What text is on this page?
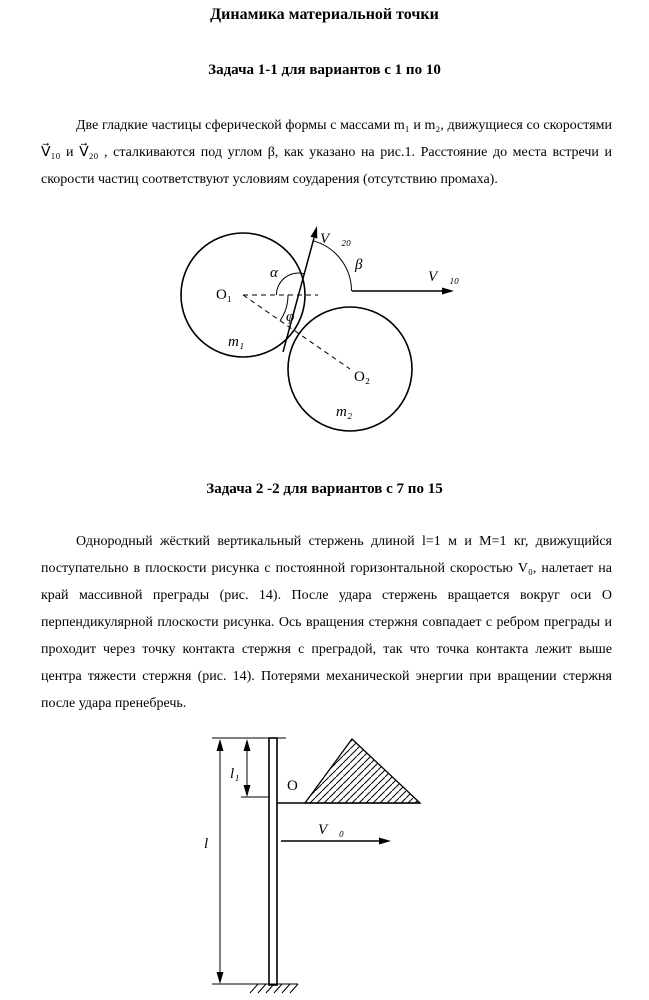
Динамика материальной точки
Задача 1-1 для вариантов с 1 по 10

Две гладкие частицы сферической формы с массами m₁ и m₂, движущиеся со скоростями V⃗₁₀ и V⃗₂₀ , сталкиваются под углом β, как указано на рис.1. Расстояние до места встречи и скорости частиц соответствуют условиям соударения (отсутствию промаха).

V⃗₂₀
V⃗₁₀
O₁
O₂
m₁
m₂
α	β
φ
Задача 2 -2 для вариантов с 7 по 15

Однородный жёсткий вертикальный стержень длиной l=1 м и M=1 кг, движущийся поступательно в плоскости рисунка с постоянной горизонтальной скоростью V₀, налетает на край массивной преграды (рис. 14). После удара стержень вращается вокруг оси О перпендикулярной плоскости рисунка. Ось вращения стержня совпадает с ребром преграды и проходит через точку контакта стержня с преградой, так что точка контакта лежит выше центра тяжести стержня (рис. 14). Потерями механической энергии при вращении стержня после удара пренебречь.

l
l₁
O
V⃗₀
